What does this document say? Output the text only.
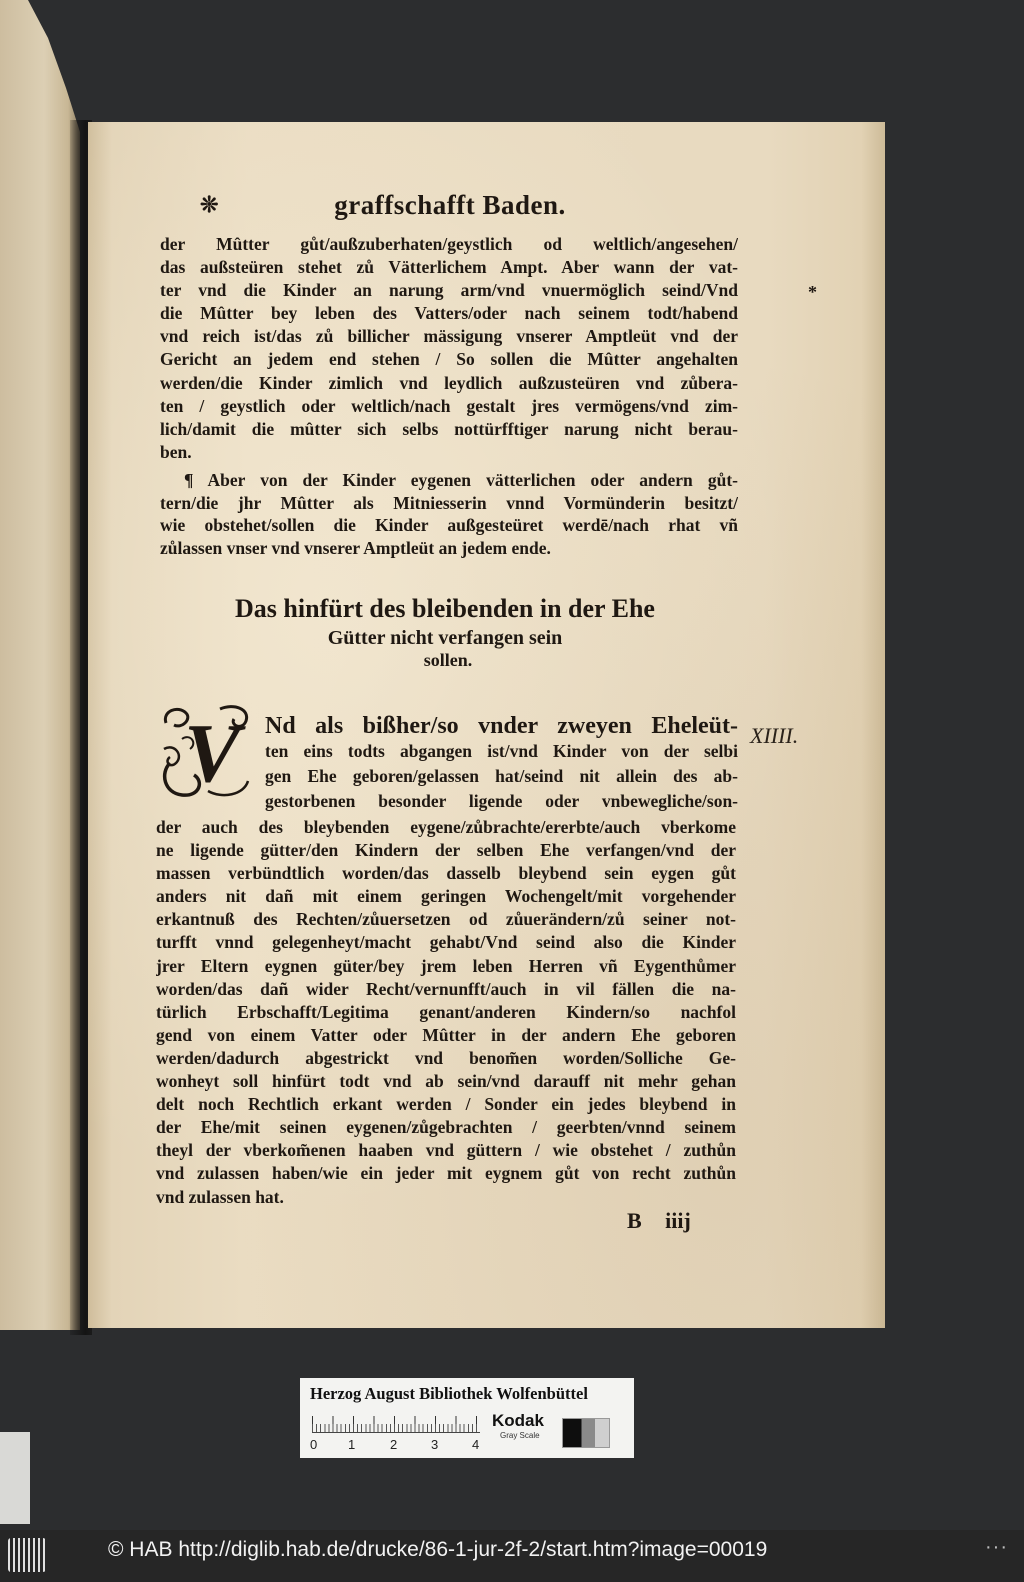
❊	graffschafft Baden.
*
der Mûtter gůt/außzuberhaten/geystlich od weltlich/angesehen/
das außsteüren stehet zů Vätterlichem Ampt. Aber wann der vat-
ter vnd die Kinder an narung arm/vnd vnuermöglich seind/Vnd
die Mûtter bey leben des Vatters/oder nach seinem todt/habend
vnd reich ist/das zů billicher mässigung vnserer Amptleüt vnd der
Gericht an jedem end stehen / So sollen die Mûtter angehalten
werden/die Kinder zimlich vnd leydlich außzusteüren vnd zůbera-
ten / geystlich oder weltlich/nach gestalt jres vermögens/vnd zim-
lich/damit die mûtter sich selbs nottürfftiger narung nicht berau-
ben.
¶ Aber von der Kinder eygenen vätterlichen oder andern gůt-
tern/die jhr Mûtter als Mitniesserin vnnd Vormünderin besitzt/
wie obstehet/sollen die Kinder außgesteüret werdē/nach rhat vñ
zůlassen vnser vnd vnserer Amptleüt an jedem ende.
Das hinfürt des bleibenden in der Ehe
Gütter nicht verfangen sein
sollen.
XIIII.
V Nd als bißher/so vnder zweyen Eheleüt-
ten eins todts abgangen ist/vnd Kinder von der selbi
gen Ehe geboren/gelassen hat/seind nit allein des ab-
gestorbenen besonder ligende oder vnbewegliche/son-
der auch des bleybenden eygene/zůbrachte/ererbte/auch vberkome
ne ligende gütter/den Kindern der selben Ehe verfangen/vnd der
massen verbündtlich worden/das dasselb bleybend sein eygen gůt
anders nit dañ mit einem geringen Wochengelt/mit vorgehender
erkantnuß des Rechten/zůuersetzen od zůuerändern/zů seiner not-
turfft vnnd gelegenheyt/macht gehabt/Vnd seind also die Kinder
jrer Eltern eygnen güter/bey jrem leben Herren vñ Eygenthůmer
worden/das dañ wider Recht/vernunfft/auch in vil fällen die na-
türlich Erbschafft/Legitima genant/anderen Kindern/so nachfol
gend von einem Vatter oder Mûtter in der andern Ehe geboren
werden/dadurch abgestrickt vnd benom̃en worden/Solliche Ge-
wonheyt soll hinfürt todt vnd ab sein/vnd darauff nit mehr gehan
delt noch Rechtlich erkant werden / Sonder ein jedes bleybend in
der Ehe/mit seinen eygenen/zůgebrachten / geerbten/vnnd seinem
theyl der vberkom̃enen haaben vnd güttern / wie obstehet / zuthůn
vnd zulassen haben/wie ein jeder mit eygnem gůt von recht zuthůn
vnd zulassen hat.
B iiij
Herzog August Bibliothek Wolfenbüttel
0 1	2	3	4
Kodak
Gray Scale
© HAB http://diglib.hab.de/drucke/86-1-jur-2f-2/start.htm?image=00019	···
